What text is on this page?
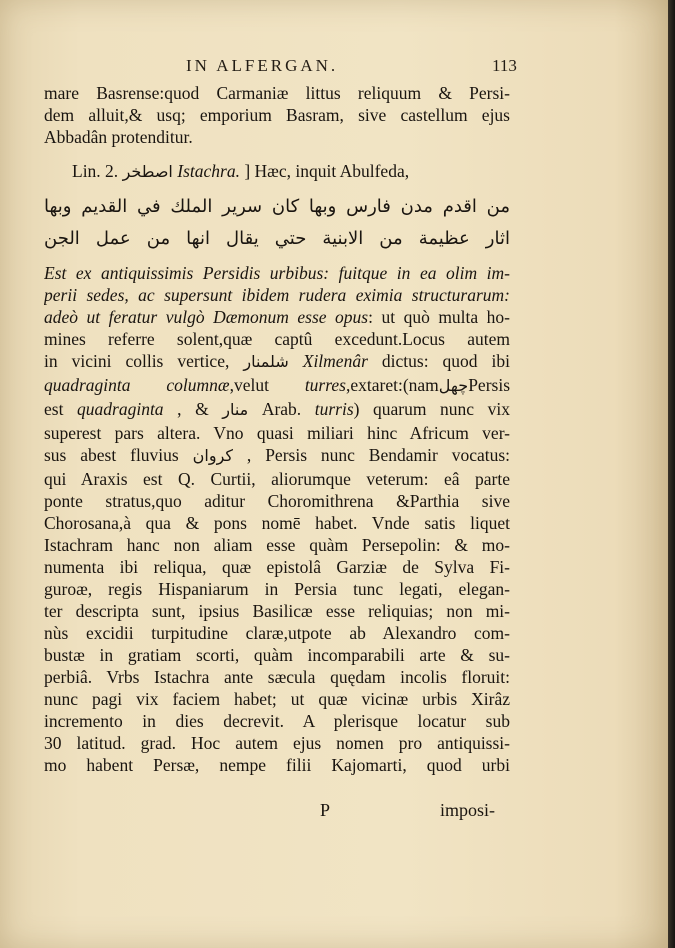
IN ALFERGAN.	113
mare Basrense:quod Carmaniæ littus reliquum & Persi-
dem alluit,& usq; emporium Basram, sive castellum ejus
Abbadân protenditur.
Lin. 2. اصطخر Istachra. ] Hæc, inquit Abulfeda,
من اقدم مدن فارس وبها كان سرير الملك في القديم وبها
اثار عظيمة من الابنية حتي يقال انها من عمل الجن
Est ex antiquissimis Persidis urbibus: fuitque in ea olim im-
perii sedes, ac supersunt ibidem rudera eximia structurarum:
adeò ut feratur vulgò Dæmonum esse opus: ut quò multa ho-
mines referre solent,quæ captû excedunt.Locus autem
in vicini collis vertice, شلمنار Xilmenâr dictus: quod ibi
quadraginta columnæ,velut turres,extaret:(namچهلPersis
est quadraginta , & منار Arab. turris) quarum nunc vix
superest pars altera. Vno quasi miliari hinc Africum ver-
sus abest fluvius كروان , Persis nunc Bendamir vocatus:
qui Araxis est Q. Curtii, aliorumque veterum: eâ parte
ponte stratus,quo aditur Choromithrena &Parthia sive
Chorosana,à qua & pons nomē habet. Vnde satis liquet
Istachram hanc non aliam esse quàm Persepolin: & mo-
numenta ibi reliqua, quæ epistolâ Garziæ de Sylva Fi-
guroæ, regis Hispaniarum in Persia tunc legati, elegan-
ter descripta sunt, ipsius Basilicæ esse reliquias; non mi-
nùs excidii turpitudine claræ,utpote ab Alexandro com-
bustæ in gratiam scorti, quàm incomparabili arte & su-
perbiâ. Vrbs Istachra ante sæcula quędam incolis floruit:
nunc pagi vix faciem habet; ut quæ vicinæ urbis Xirâz
incremento in dies decrevit. A plerisque locatur sub
30 latitud. grad. Hoc autem ejus nomen pro antiquissi-
mo habent Persæ, nempe filii Kajomarti, quod urbi
P	imposi-
